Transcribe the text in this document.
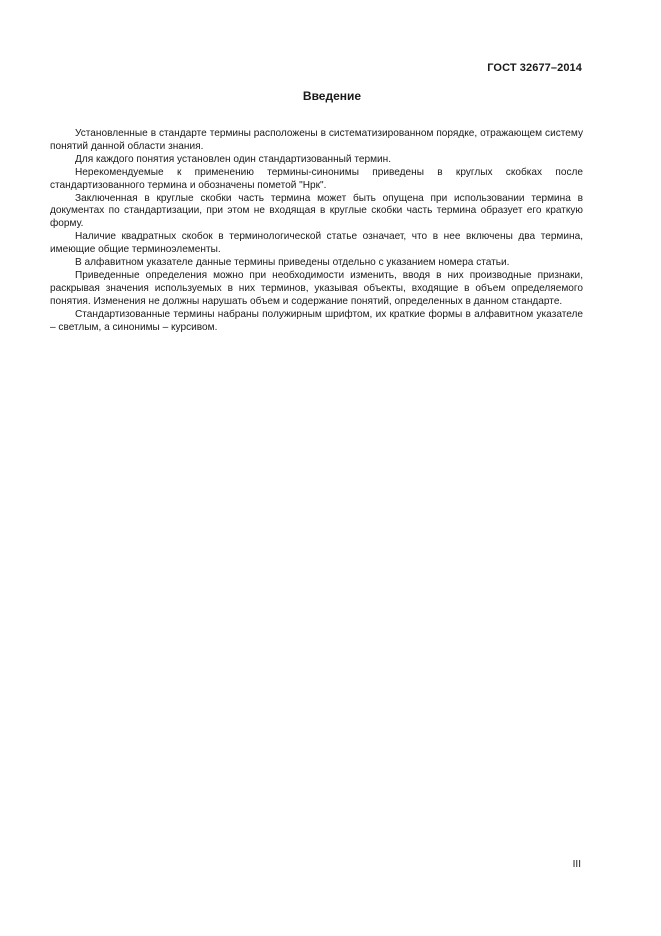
ГОСТ 32677–2014
Введение

Установленные в стандарте термины расположены в систематизированном порядке, отражающем систему понятий данной области знания.

Для каждого понятия установлен один стандартизованный термин.

Нерекомендуемые к применению термины-синонимы приведены в круглых скобках после стандартизованного термина и обозначены пометой "Нрк".

Заключенная в круглые скобки часть термина может быть опущена при использовании термина в документах по стандартизации, при этом не входящая в круглые скобки часть термина образует его краткую форму.

Наличие квадратных скобок в терминологической статье означает, что в нее включены два термина, имеющие общие терминоэлементы.

В алфавитном указателе данные термины приведены отдельно с указанием номера статьи.

Приведенные определения можно при необходимости изменить, вводя в них производные признаки, раскрывая значения используемых в них терминов, указывая объекты, входящие в объем определяемого понятия. Изменения не должны нарушать объем и содержание понятий, определенных в данном стандарте.

Стандартизованные термины набраны полужирным шрифтом, их краткие формы в алфавитном указателе – светлым, а синонимы – курсивом.

III
